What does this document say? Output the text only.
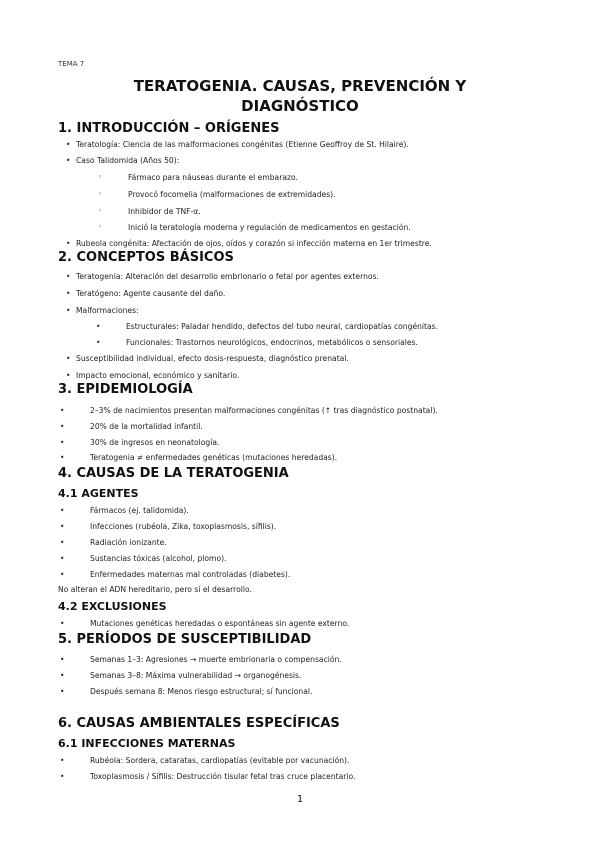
TEMA 7
TERATOGENIA. CAUSAS, PREVENCIÓN Y
DIAGNÓSTICO
1. INTRODUCCIÓN – ORÍGENES
• Teratología: Ciencia de las malformaciones congénitas (Etienne Geoffroy de St. Hilaire).
• Caso Talidomida (Años 50):
◦	Fármaco para náuseas durante el embarazo.
◦	Provocó focomelia (malformaciones de extremidades).
◦	Inhibidor de TNF-α.
◦	Inició la teratología moderna y regulación de medicamentos en gestación.
• Rubeola congénita: Afectación de ojos, oídos y corazón si infección materna en 1er trimestre.
2. CONCEPTOS BÁSICOS
• Teratogenia: Alteración del desarrollo embrionario o fetal por agentes externos.
• Teratógeno: Agente causante del daño.
• Malformaciones:
•	Estructurales: Paladar hendido, defectos del tubo neural, cardiopatías congénitas.
•	Funcionales: Trastornos neurológicos, endocrinos, metabólicos o sensoriales.
• Susceptibilidad individual, efecto dosis-respuesta, diagnóstico prenatal.
• Impacto emocional, económico y sanitario.
3. EPIDEMIOLOGÍA
•	2–3% de nacimientos presentan malformaciones congénitas (↑ tras diagnóstico postnatal).
•	20% de la mortalidad infantil.
•	30% de ingresos en neonatología.
•	Teratogenia ≠ enfermedades genéticas (mutaciones heredadas).
4. CAUSAS DE LA TERATOGENIA
4.1 AGENTES
•	Fármacos (ej. talidomida).
•	Infecciones (rubéola, Zika, toxoplasmosis, sífilis).
•	Radiación ionizante.
•	Sustancias tóxicas (alcohol, plomo).
•	Enfermedades maternas mal controladas (diabetes).
No alteran el ADN hereditario, pero sí el desarrollo.
4.2 EXCLUSIONES
•	Mutaciones genéticas heredadas o espontáneas sin agente externo.
5. PERÍODOS DE SUSCEPTIBILIDAD
•	Semanas 1–3: Agresiones → muerte embrionaria o compensación.
•	Semanas 3–8: Máxima vulnerabilidad → organogénesis.
•	Después semana 8: Menos riesgo estructural; sí funcional.
6. CAUSAS AMBIENTALES ESPECÍFICAS
6.1 INFECCIONES MATERNAS
•	Rubéola: Sordera, cataratas, cardiopatías (evitable por vacunación).
•	Toxoplasmosis / Sífilis: Destrucción tisular fetal tras cruce placentario.
1
